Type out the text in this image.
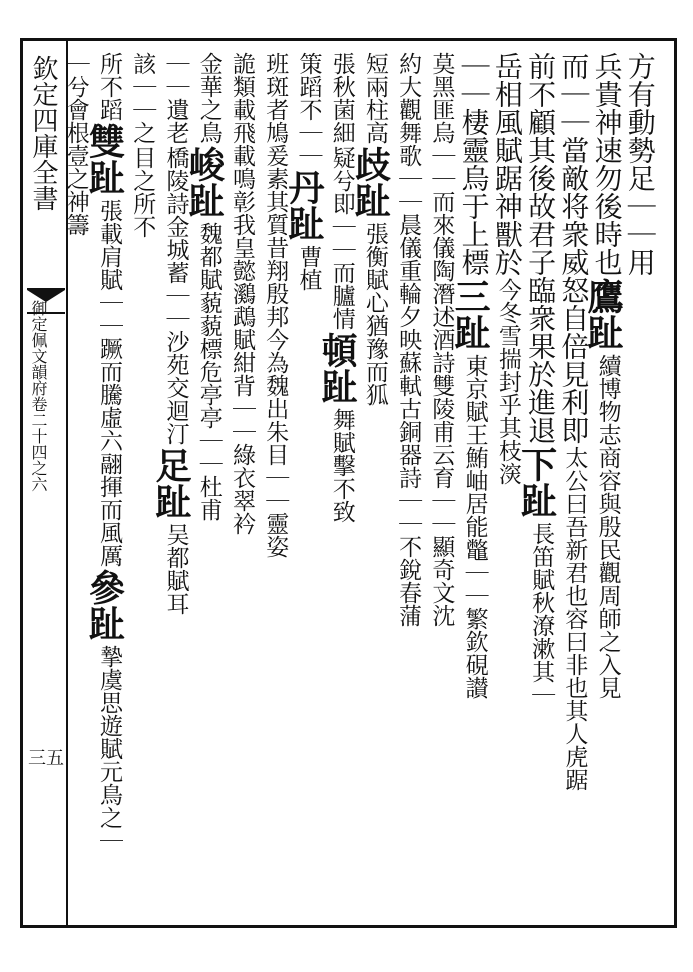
欽定四庫全書
御定佩文韻府卷二十四之六
三五
方有動勢足｜｜用
兵貴神速勿後時也
鷹趾
續博物志商容與殷民觀周師之入見
而｜｜當敵将衆威怒自倍見利即
太公曰吾新君也容曰非也其人虎踞
前不顧其後故君子臨衆果於進退
下趾
長笛賦秋潦漱其｜
岳相風賦踞神獸於
今冬雪揣封乎其枝㴱
｜｜棲靈烏于上標
三趾
東京賦王鮪岫居能鼈｜｜繁欽硯讃
莫黑匪烏｜｜而來儀陶潛述酒詩雙陵甫云育｜｜顯奇文沈
約大觀舞歌｜｜晨儀重輪夕映蘇軾古銅器詩｜｜不銳春蒲
短兩柱高
歧趾
張衡賦心猶豫而狐
張秋菌細
疑兮即｜｜而臚情
頓趾
舞賦擊不致
策蹈不｜｜
丹趾
曹植
班斑者鳩爰素其質昔翔殷邦今為魏出朱目｜｜靈姿
詭類載飛載鳴彰我皇懿鸂鵡賦紺背｜｜綠衣翠衿
金華之鳥
峻趾
魏都賦藐藐標危亭亭｜｜杜甫
｜｜遺老
橋陵詩金城蓄｜｜沙苑交迴汀
足趾
吴都賦耳
該｜｜之
目之所不
所不蹈
雙趾
張載肩賦｜｜蹶而騰虛六翮揮而風厲
參趾
摯虞思遊賦元鳥之｜
｜兮會根壹之神籌
